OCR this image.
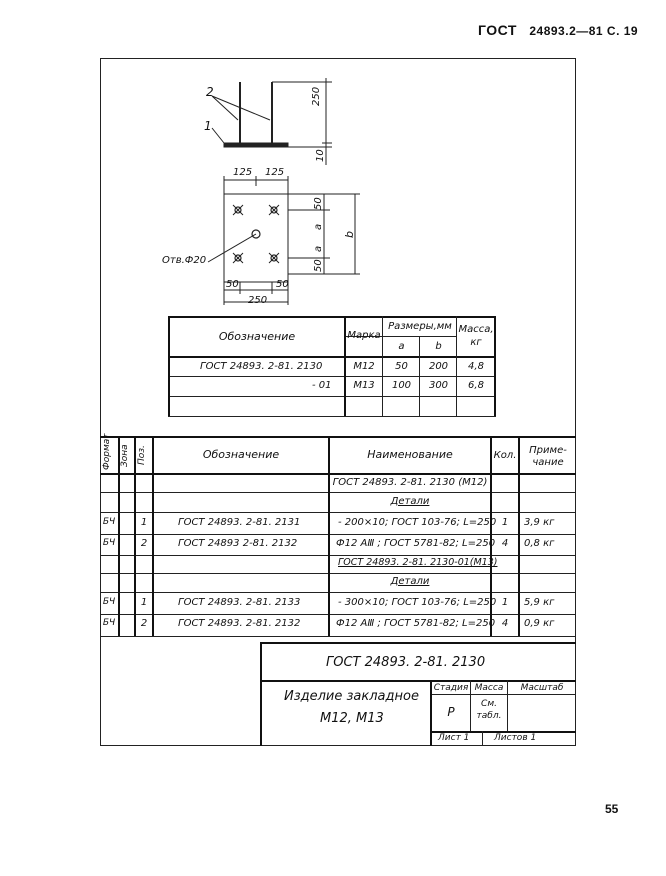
ГОСТ 24893.2—81 С. 19
2
1
250
10
125 125
50
a
a
50
b
Отв.Ф20
50	50
250
Обозначение	Марка
Размеры,мм
a	b
Масса,
кг
ГОСТ 24893. 2-81. 2130	М12	50	200	4,8
- 01	М13	100	300	6,8
Формат Зона Поз.	Обозначение	Наименование	Кол.	Приме-
чание
ГОСТ 24893. 2-81. 2130 (М12)
Детали
БЧ	1	ГОСТ 24893. 2-81. 2131	- 200×10; ГОСТ 103-76; L=250 1	3,9 кг
БЧ	2	ГОСТ 24893 2-81. 2132	Ф12 АⅢ ; ГОСТ 5781-82; L=250 4	0,8 кг
ГОСТ 24893. 2-81. 2130-01(М13)
Детали
БЧ	1	ГОСТ 24893. 2-81. 2133	- 300×10; ГОСТ 103-76; L=250 1	5,9 кг
БЧ	2	ГОСТ 24893. 2-81. 2132	Ф12 АⅢ ; ГОСТ 5781-82; L=250 4	0,9 кг
ГОСТ 24893. 2-81. 2130
Изделие закладное
М12, М13
Стадия Масса	Масштаб
Р
См.
табл.
Лист 1	Листов 1
55
